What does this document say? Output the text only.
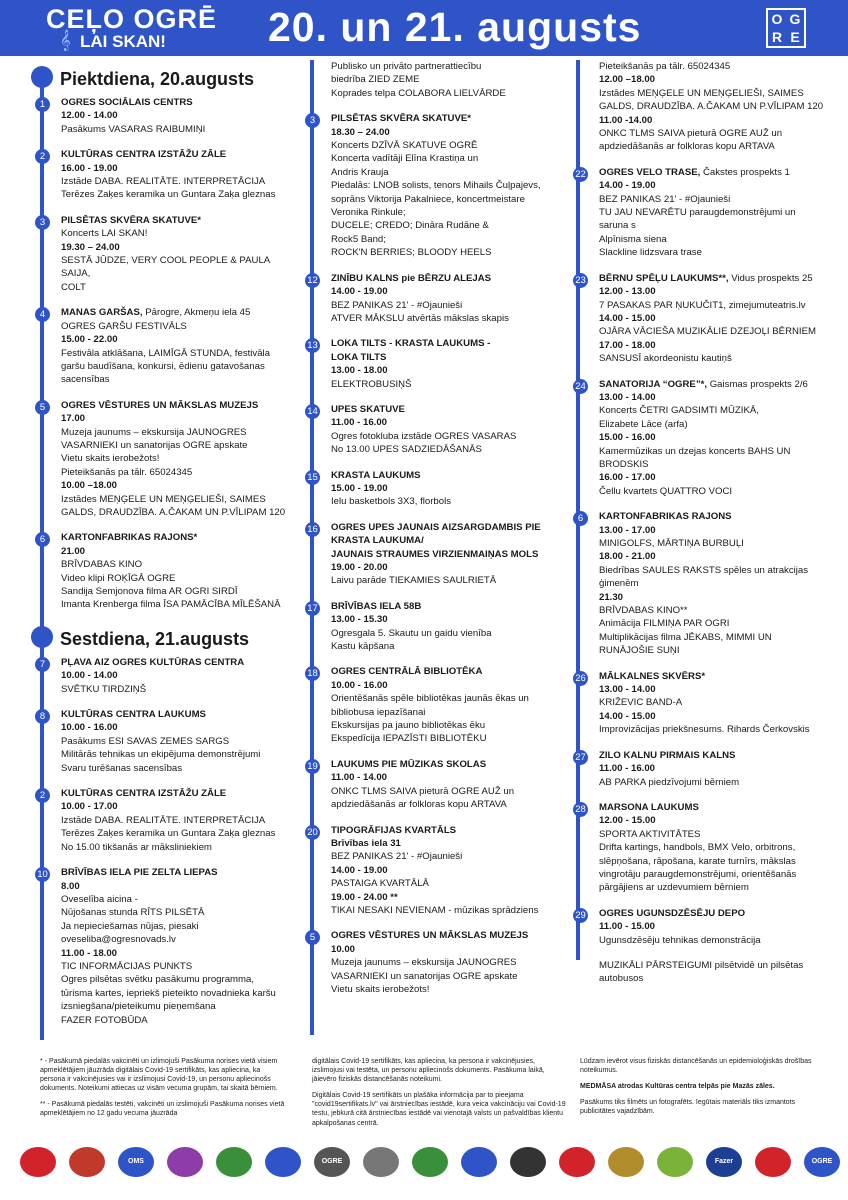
CEĻO OGRĒ
𝄞 LAI SKAN! 20. un 21. augusts	O G
R E
Piektdiena, 20.augusts
1	OGRES SOCIĀLAIS CENTRS
12.00 - 14.00
Pasākums VASARAS RAIBUMIŅI
2	KULTŪRAS CENTRA IZSTĀŽU ZĀLE
16.00 - 19.00
Izstāde DABA. REALITĀTE. INTERPRETĀCIJA
Terēzes Zaķes keramika un Guntara Zaķa gleznas
3	PILSĒTAS SKVĒRA SKATUVE*
Koncerts LAI SKAN!
19.30 – 24.00
SESTĀ JŪDZE, VERY COOL PEOPLE & PAULA SAIJA,
COLT
4	MANAS GARŠAS, Pārogre, Akmeņu iela 45
OGRES GARŠU FESTIVĀLS
15.00 - 22.00
Festivāla atklāšana, LAIMĪGĀ STUNDA, festivāla
garšu baudīšana, konkursi, ēdienu gatavošanas
sacensības
5	OGRES VĒSTURES UN MĀKSLAS MUZEJS
17.00
Muzeja jaunums – ekskursija JAUNOGRES
VASARNIEKI un sanatorijas OGRE apskate
Vietu skaits ierobežots!
Pieteikšanās pa tālr. 65024345
10.00 –18.00
Izstādes MEŅĢELE UN MEŅĢELIEŠI, SAIMES
GALDS, DRAUDZĪBA. A.ČAKAM UN P.VĪLIPAM 120
6	KARTONFABRIKAS RAJONS*
21.00
BRĪVDABAS KINO
Video klipi ROĶĪGĀ OGRE
Sandija Semjonova filma AR OGRI SIRDĪ
Imanta Krenberga filma ĪSA PAMĀCĪBA MĪLĒŠANĀ
Sestdiena, 21.augusts
7	PĻAVA AIZ OGRES KULTŪRAS CENTRA
10.00 - 14.00
SVĒTKU TIRDZIŅŠ
8	KULTŪRAS CENTRA LAUKUMS
10.00 - 16.00
Pasākums ESI SAVAS ZEMES SARGS
Militārās tehnikas un ekipējuma demonstrējumi
Svaru turēšanas sacensības
2	KULTŪRAS CENTRA IZSTĀŽU ZĀLE
10.00 - 17.00
Izstāde DABA. REALITĀTE. INTERPRETĀCIJA
Terēzes Zaķes keramika un Guntara Zaķa gleznas
No 15.00 tikšanās ar māksliniekiem
10 BRĪVĪBAS IELA PIE ZELTA LIEPAS
8.00
Oveselība aicina -
Nūjošanas stunda RĪTS PILSĒTĀ
Ja nepieciešamas nūjas, piesaki
oveseliba@ogresnovads.lv
11.00 - 18.00
TIC INFORMĀCIJAS PUNKTS
Ogres pilsētas svētku pasākumu programma,
tūrisma kartes, iepriekš pieteikto novadnieka karšu
izsniegšana/pieteikumu pieņemšana
FAZER FOTOBŪDA
Publisko un privāto partnerattiecību
biedrība ZIED ZEME
Koprades telpa COLABORA LIELVĀRDE
3	PILSĒTAS SKVĒRA SKATUVE*
18.30 – 24.00
Koncerts DZĪVĀ SKATUVE OGRĒ
Koncerta vadītāji Elīna Krastiņa un
Andris Krauja
Piedalās: LNOB solists, tenors Mihails Čuļpajevs,
soprāns Viktorija Pakalniece, koncertmeistare
Veronika Rinkule;
DUCELE; CREDO; Dināra Rudāne &
Rock5 Band;
ROCK'N BERRIES; BLOODY HEELS
12 ZINĪBU KALNS pie BĒRZU ALEJAS
14.00 - 19.00
BEZ PANIKAS 21' - #Ojaunieši
ATVER MĀKSLU atvērtās mākslas skapis
13 LOKA TILTS - KRASTA LAUKUMS -
LOKA TILTS
13.00 - 18.00
ELEKTROBUSIŅŠ
14 UPES SKATUVE
11.00 - 16.00
Ogres fotokluba izstāde OGRES VASARAS
No 13.00 UPES SADZIEDĀŠANĀS
15 KRASTA LAUKUMS
15.00 - 19.00
Ielu basketbols 3X3, florbols
16 OGRES UPES JAUNAIS AIZSARGDAMBIS PIE
KRASTA LAUKUMA/
JAUNAIS STRAUMES VIRZIENMAIŅAS MOLS
19.00 - 20.00
Laivu parāde TIEKAMIES SAULRIETĀ
17 BRĪVĪBAS IELA 58B
13.00 - 15.30
Ogresgala 5. Skautu un gaidu vienība
Kastu kāpšana
18 OGRES CENTRĀLĀ BIBLIOTĒKA
10.00 - 16.00
Orientēšanās spēle bibliotēkas jaunās ēkas un
bibliobusa iepazīšanai
Ekskursijas pa jauno bibliotēkas ēku
Ekspedīcija IEPAZĪSTI BIBLIOTĒKU
19 LAUKUMS PIE MŪZIKAS SKOLAS
11.00 - 14.00
ONKC TLMS SAIVA pieturā OGRE AUŽ un
apdziedāšanās ar folkloras kopu ARTAVA
20 TIPOGRĀFIJAS KVARTĀLS
Brīvības iela 31
BEZ PANIKAS 21' - #Ojaunieši
14.00 - 19.00
PASTAIGA KVARTĀLĀ
19.00 - 24.00 **
TIKAI NESAKI NEVIENAM - mūzikas sprādziens
5	OGRES VĒSTURES UN MĀKSLAS MUZEJS
10.00
Muzeja jaunums – ekskursija JAUNOGRES
VASARNIEKI un sanatorijas OGRE apskate
Vietu skaits ierobežots!
Pieteikšanās pa tālr. 65024345
12.00 –18.00
Izstādes MEŅĢELE UN MEŅĢELIEŠI, SAIMES
GALDS, DRAUDZĪBA. A.ČAKAM UN P.VĪLIPAM 120
11.00 -14.00
ONKC TLMS SAIVA pieturā OGRE AUŽ un
apdziedāšanās ar folkloras kopu ARTAVA
22 OGRES VELO TRASE, Čakstes prospekts 1
14.00 - 19.00
BEZ PANIKAS 21' - #Ojaunieši
TU JAU NEVARĒTU paraugdemonstrējumi un
saruna s
Alpīnisma siena
Slackline lidzsvara trase
23 BĒRNU SPĒĻU LAUKUMS**, Vidus prospekts 25
12.00 - 13.00
7 PASAKAS PAR ŅUKUČIT1, zimejumuteatris.lv
14.00 - 15.00
OJĀRA VĀCIEŠA MUZIKĀLIE DZEJOĻI BĒRNIEM
17.00 - 18.00
SANSUSĪ akordeonistu kautiņš
24 SANATORIJA “OGRE”*, Gaismas prospekts 2/6
13.00 - 14.00
Koncerts ČETRI GADSIMTI MŪZIKĀ,
Elizabete Lāce (arfa)
15.00 - 16.00
Kamermūzikas un dzejas koncerts BAHS UN
BRODSKIS
16.00 - 17.00
Čellu kvartets QUATTRO VOCI
6	KARTONFABRIKAS RAJONS
13.00 - 17.00
MINIGOLFS, MĀRTIŅA BURBUĻI
18.00 - 21.00
Biedrības SAULES RAKSTS spēles un atrakcijas
ģimenēm
21.30
BRĪVDABAS KINO**
Animācija FILMIŅA PAR OGRI
Multiplikācijas filma JĒKABS, MIMMI UN
RUNĀJOŠIE SUŅI
26 MĀLKALNES SKVĒRS*
13.00 - 14.00
KRIŽEVIC BAND-A
14.00 - 15.00
Improvizācijas priekšnesums. Rihards Čerkovskis
27 ZILO KALNU PIRMAIS KALNS
11.00 - 16.00
AB PARKA piedzīvojumi bērniem
28 MARSONA LAUKUMS
12.00 - 15.00
SPORTA AKTIVITĀTES
Drifta kartings, handbols, BMX Velo, orbitrons,
slēpņošana, rāpošana, karate turnīrs, mākslas
vingrotāju paraugdemonstrējumi, orientēšanās
pārgājiens ar uzdevumiem bērniem
29 OGRES UGUNSDZĒSĒJU DEPO
11.00 - 15.00
Ugunsdzēsēju tehnikas demonstrācija
MUZIKĀLI PĀRSTEIGUMI pilsētvidē un pilsētas
autobusos

* - Pasākumā piedalās vakcinēti un izlimojuši Pasākuma norises vietā visiem apmeklētājiem jāuzrāda digitālais Covid-19 sertifikāts, kas apliecina, ka persona ir vakcinējusies vai ir izslimojusi Covid-19, un personu apliecinošs dokuments. Noteikumi attiecas uz visām vecuma grupām, tai skaitā bērniem.

** - Pasākumā piedalās testēti, vakcinēti un izslimojuši Pasākuma norises vietā apmeklētājiem no 12 gadu vecuma jāuzrāda

digitālais Covid-19 sertifikāts, kas apliecina, ka persona ir vakcinējusies, izslimojusi vai testēta, un personu apliecinošs dokuments. Pasākuma laikā, jāievēro fiziskās distancēšanās noteikumi.

Digitālais Covid-19 sertifikāts un plašāka informācija par to pieejama "covid19sertifikats.lv" vai ārstniecības iestādē, kura veica vakcināciju vai Covid-19 testu, jebkurā citā ārstniecības iestādē vai vienotajā valsts un pašvaldības klientu apkalpošanas centrā.

Lūdzam ievērot visus fiziskās distancēšanās un epidemioloģiskās drošības noteikumus.

MEDMĀSA atrodas Kultūras centra telpās pie Mazās zāles.

Pasākums tiks filmēts un fotografēts. Iegūtais materiāls tiks izmantots publicitātes vajadzībām.

OMS	OGRE	Fazer	OGRE
